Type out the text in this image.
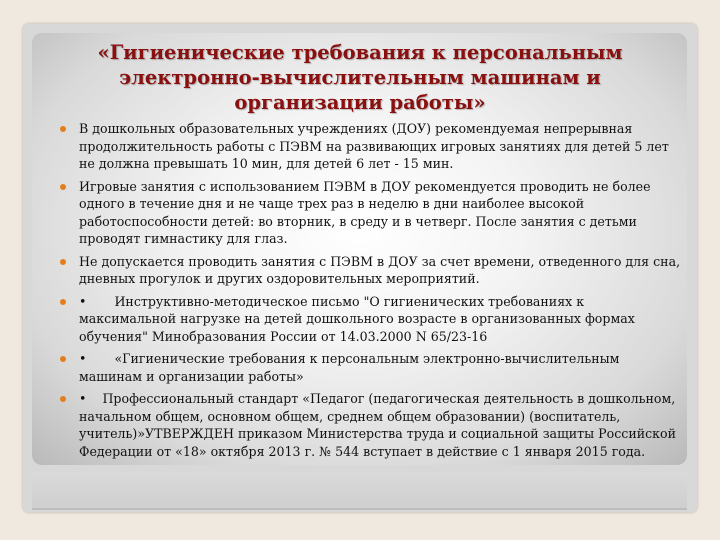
«Гигиенические требования к персональным электронно-вычислительным машинам и организации работы»
В дошкольных образовательных учреждениях (ДОУ) рекомендуемая непрерывная продолжительность работы с ПЭВМ на развивающих игровых занятиях для детей 5 лет не должна превышать 10 мин, для детей 6 лет - 15 мин.
Игровые занятия с использованием ПЭВМ в ДОУ рекомендуется проводить не более одного в течение дня и не чаще трех раз в неделю в дни наиболее высокой работоспособности детей: во вторник, в среду и в четверг. После занятия с детьми проводят гимнастику для глаз.
Не допускается проводить занятия с ПЭВМ в ДОУ за счет времени, отведенного для сна, дневных прогулок и других оздоровительных мероприятий.
• Инструктивно-методическое письмо "О гигиенических требованиях к максимальной нагрузке на детей дошкольного возрасте в организованных формах обучения" Минобразования России от 14.03.2000 N 65/23-16
• «Гигиенические требования к персональным электронно-вычислительным машинам и организации работы»
• Профессиональный стандарт «Педагог (педагогическая деятельность в дошкольном, начальном общем, основном общем, среднем общем образовании) (воспитатель, учитель)»УТВЕРЖДЕН приказом Министерства труда и социальной защиты Российской Федерации от «18» октября 2013 г. № 544 вступает в действие с 1 января 2015 года.
